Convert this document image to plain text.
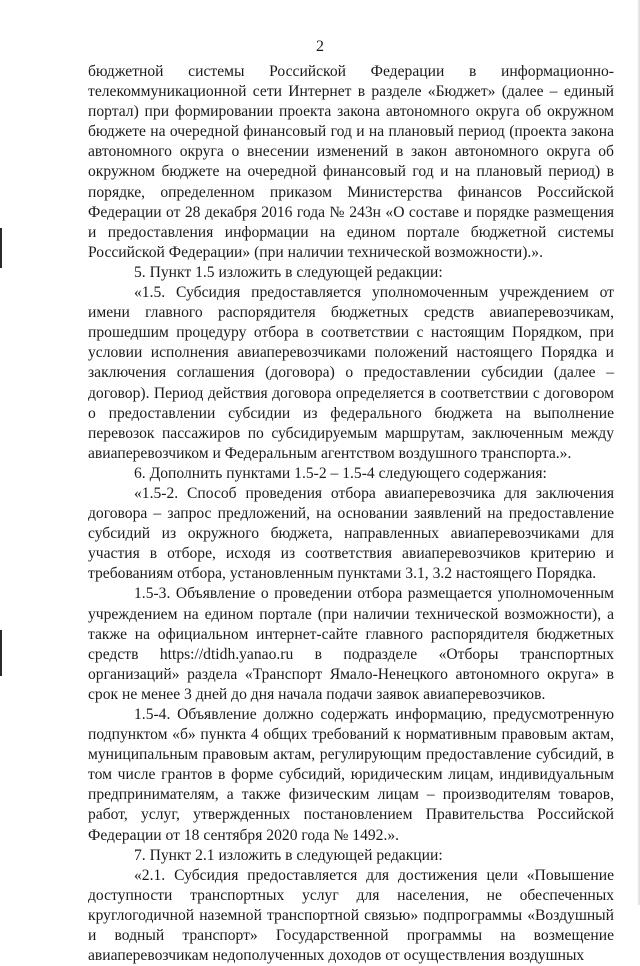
2

бюджетной системы Российской Федерации в информационно-телекоммуникационной сети Интернет в разделе «Бюджет» (далее – единый портал) при формировании проекта закона автономного округа об окружном бюджете на очередной финансовый год и на плановый период (проекта закона автономного округа о внесении изменений в закон автономного округа об окружном бюджете на очередной финансовый год и на плановый период) в порядке, определенном приказом Министерства финансов Российской Федерации от 28 декабря 2016 года № 243н «О составе и порядке размещения и предоставления информации на едином портале бюджетной системы Российской Федерации» (при наличии технической возможности).».

5. Пункт 1.5 изложить в следующей редакции:

«1.5. Субсидия предоставляется уполномоченным учреждением от имени главного распорядителя бюджетных средств авиаперевозчикам, прошедшим процедуру отбора в соответствии с настоящим Порядком, при условии исполнения авиаперевозчиками положений настоящего Порядка и заключения соглашения (договора) о предоставлении субсидии (далее – договор). Период действия договора определяется в соответствии с договором о предоставлении субсидии из федерального бюджета на выполнение перевозок пассажиров по субсидируемым маршрутам, заключенным между авиаперевозчиком и Федеральным агентством воздушного транспорта.».

6. Дополнить пунктами 1.5-2 – 1.5-4 следующего содержания:

«1.5-2. Способ проведения отбора авиаперевозчика для заключения договора – запрос предложений, на основании заявлений на предоставление субсидий из окружного бюджета, направленных авиаперевозчиками для участия в отборе, исходя из соответствия авиаперевозчиков критерию и требованиям отбора, установленным пунктами 3.1, 3.2 настоящего Порядка.

1.5-3. Объявление о проведении отбора размещается уполномоченным учреждением на едином портале (при наличии технической возможности), а также на официальном интернет-сайте главного распорядителя бюджетных средств https://dtidh.yanao.ru в подразделе «Отборы транспортных организаций» раздела «Транспорт Ямало-Ненецкого автономного округа» в срок не менее 3 дней до дня начала подачи заявок авиаперевозчиков.

1.5-4. Объявление должно содержать информацию, предусмотренную подпунктом «б» пункта 4 общих требований к нормативным правовым актам, муниципальным правовым актам, регулирующим предоставление субсидий, в том числе грантов в форме субсидий, юридическим лицам, индивидуальным предпринимателям, а также физическим лицам – производителям товаров, работ, услуг, утвержденных постановлением Правительства Российской Федерации от 18 сентября 2020 года № 1492.».

7. Пункт 2.1 изложить в следующей редакции:

«2.1. Субсидия предоставляется для достижения цели «Повышение доступности транспортных услуг для населения, не обеспеченных круглогодичной наземной транспортной связью» подпрограммы «Воздушный и водный транспорт» Государственной программы на возмещение авиаперевозчикам недополученных доходов от осуществления воздушных
